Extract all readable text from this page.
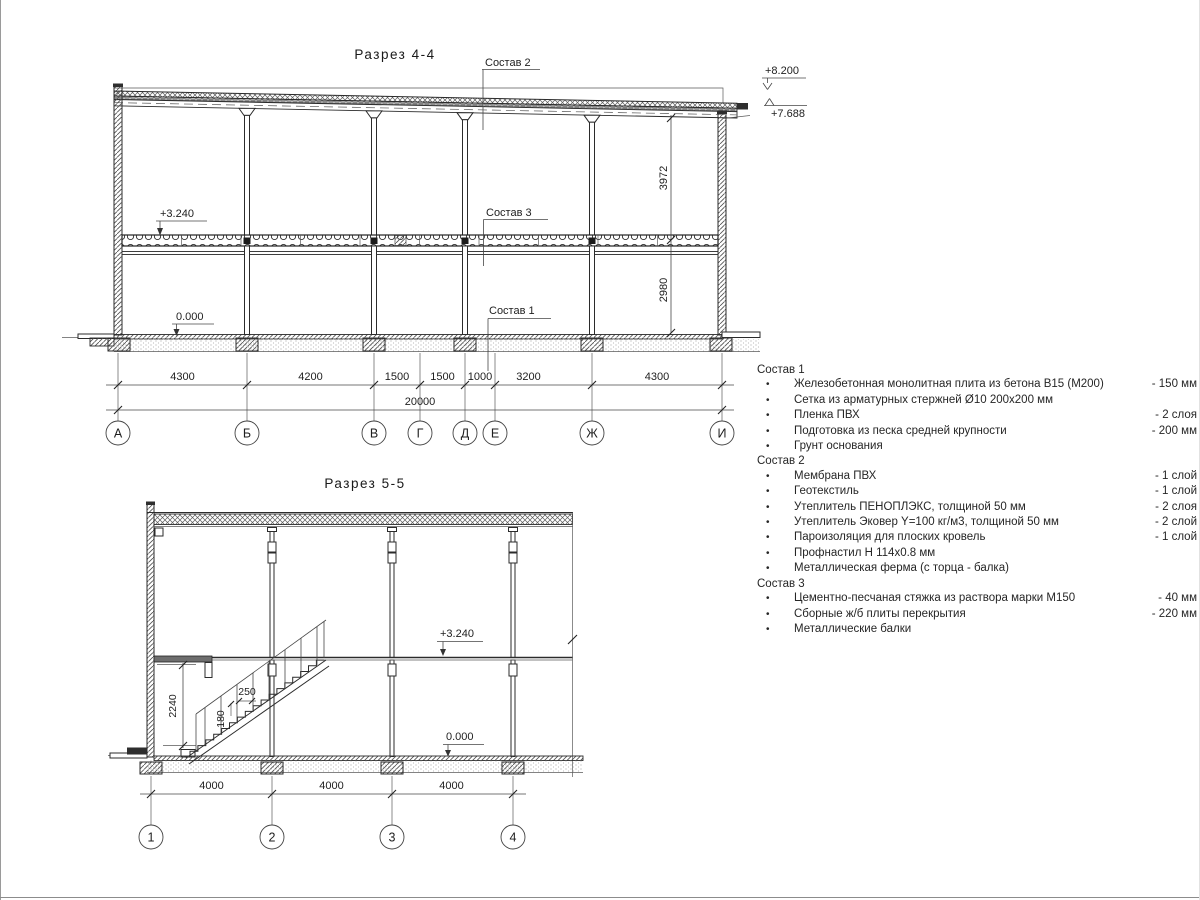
Разрез 4-4
Состав 2
Состав 3
Состав 1
+3.240
0.000
+8.200
+7.688
3972
2980
4300	4200	1500 1500 1000 3200	4300
20000
А	Б	В	Г	Д Е	Ж	И
Разрез 5-5
2240
250
180
+3.240
0.000
4000	4000	4000
1	2	3	4
Состав 1
•	Железобетонная монолитная плита из бетона В15 (М200)	- 150 мм
•	Сетка из арматурных стержней Ø10 200х200 мм
•	Пленка ПВХ	- 2 слоя
•	Подготовка из песка средней крупности	- 200 мм
•	Грунт основания
Состав 2
•	Мембрана ПВХ	- 1 слой
•	Геотекстиль	- 1 слой
•	Утеплитель ПЕНОПЛЭКС, толщиной 50 мм	- 2 слоя
•	Утеплитель Эковер Y=100 кг/м3, толщиной 50 мм	- 2 слой
•	Пароизоляция для плоских кровель	- 1 слой
•	Профнастил Н 114х0.8 мм
•	Металлическая ферма (с торца - балка)
Состав 3
•	Цементно-песчаная стяжка из раствора марки М150	- 40 мм
•	Сборные ж/б плиты перекрытия	- 220 мм
•	Металлические балки
